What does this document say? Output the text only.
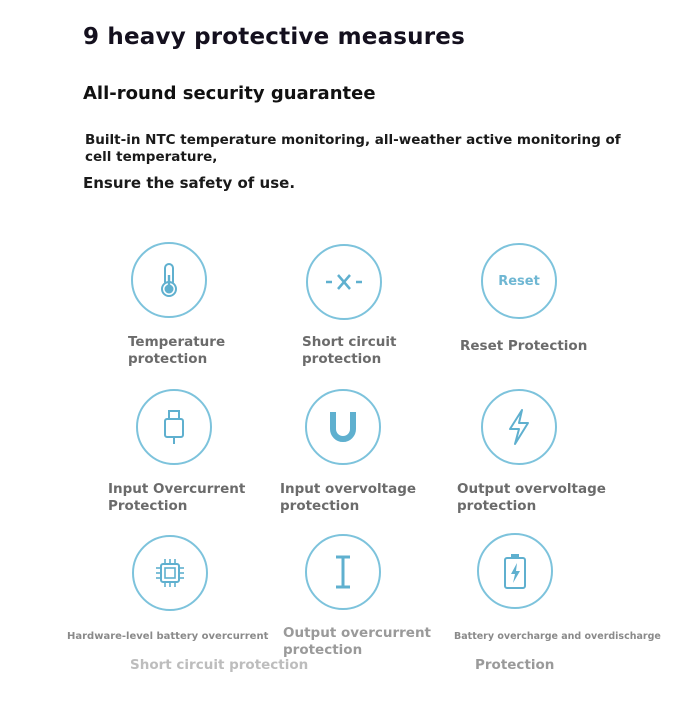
9 heavy protective measures
All-round security guarantee
Built-in NTC temperature monitoring, all-weather active monitoring of cell temperature,
Ensure the safety of use.
Temperature
protection
Short circuit
protection
Reset
Reset Protection
Input Overcurrent
Protection
Input overvoltage
protection
Output overvoltage
protection
Hardware-level battery overcurrent
Short circuit protection
Output overcurrent
protection
Battery overcharge and overdischarge
Protection
